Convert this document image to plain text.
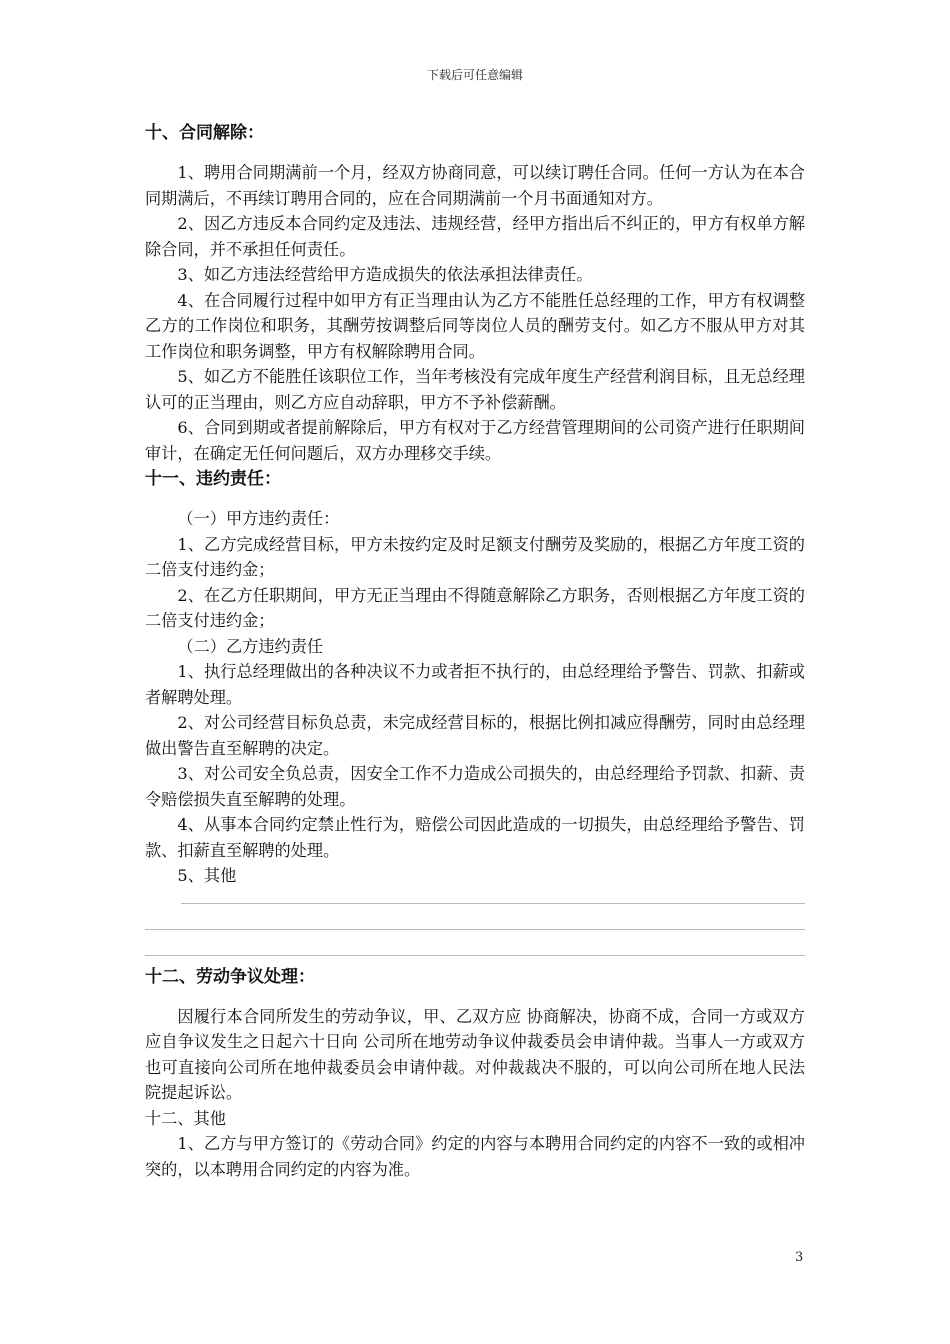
下载后可任意编辑

十、合同解除：

1、聘用合同期满前一个月，经双方协商同意，可以续订聘任合同。任何一方认为在本合同期满后，不再续订聘用合同的，应在合同期满前一个月书面通知对方。

2、因乙方违反本合同约定及违法、违规经营，经甲方指出后不纠正的，甲方有权单方解除合同，并不承担任何责任。

3、如乙方违法经营给甲方造成损失的依法承担法律责任。

4、在合同履行过程中如甲方有正当理由认为乙方不能胜任总经理的工作，甲方有权调整乙方的工作岗位和职务，其酬劳按调整后同等岗位人员的酬劳支付。如乙方不服从甲方对其工作岗位和职务调整，甲方有权解除聘用合同。

5、如乙方不能胜任该职位工作，当年考核没有完成年度生产经营利润目标，且无总经理认可的正当理由，则乙方应自动辞职，甲方不予补偿薪酬。

6、合同到期或者提前解除后，甲方有权对于乙方经营管理期间的公司资产进行任职期间审计，在确定无任何问题后，双方办理移交手续。

十一、违约责任：

（一）甲方违约责任：

1、乙方完成经营目标，甲方未按约定及时足额支付酬劳及奖励的，根据乙方年度工资的二倍支付违约金；

2、在乙方任职期间，甲方无正当理由不得随意解除乙方职务，否则根据乙方年度工资的二倍支付违约金；

（二）乙方违约责任

1、执行总经理做出的各种决议不力或者拒不执行的，由总经理给予警告、罚款、扣薪或者解聘处理。

2、对公司经营目标负总责，未完成经营目标的，根据比例扣减应得酬劳，同时由总经理做出警告直至解聘的决定。

3、对公司安全负总责，因安全工作不力造成公司损失的，由总经理给予罚款、扣薪、责令赔偿损失直至解聘的处理。

4、从事本合同约定禁止性行为，赔偿公司因此造成的一切损失，由总经理给予警告、罚款、扣薪直至解聘的处理。

5、其他

十二、劳动争议处理：

因履行本合同所发生的劳动争议，甲、乙双方应 协商解决，协商不成，合同一方或双方应自争议发生之日起六十日向 公司所在地劳动争议仲裁委员会申请仲裁。当事人一方或双方也可直接向公司所在地仲裁委员会申请仲裁。对仲裁裁决不服的，可以向公司所在地人民法院提起诉讼。

十二、其他

1、乙方与甲方签订的《劳动合同》约定的内容与本聘用合同约定的内容不一致的或相冲突的，以本聘用合同约定的内容为准。

3
